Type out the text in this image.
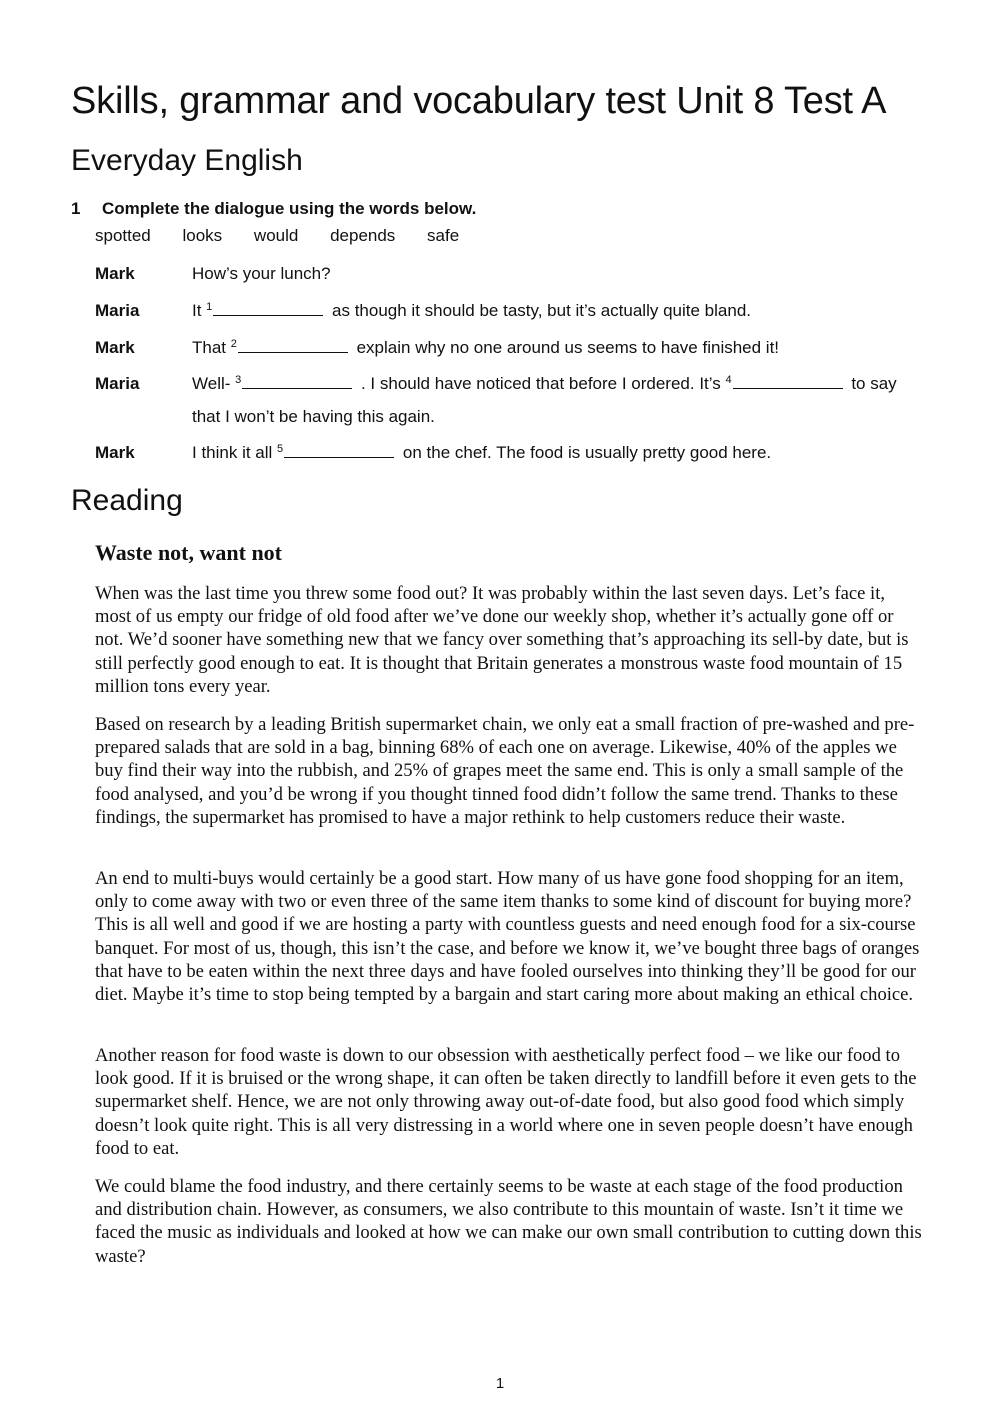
Skills, grammar and vocabulary test Unit 8 Test A
Everyday English
1 Complete the dialogue using the words below.
spotted looks would depends safe
Mark	How’s your lunch?
Maria	It $^1$	as though it should be tasty, but it’s actually quite bland.
Mark	That $^2$	explain why no one around us seems to have finished it!
Maria	Well- $^3$	. I should have noticed that before I ordered. It’s $^4$	to say
that I won’t be having this again.
Mark	I think it all $^5$	on the chef. The food is usually pretty good here.
Reading
Waste not, want not

When was the last time you threw some food out? It was probably within the last seven days. Let’s face it, most of us empty our fridge of old food after we’ve done our weekly shop, whether it’s actually gone off or not. We’d sooner have something new that we fancy over something that’s approaching its sell-by date, but is still perfectly good enough to eat. It is thought that Britain generates a monstrous waste food mountain of 15 million tons every year.

Based on research by a leading British supermarket chain, we only eat a small fraction of pre-washed and pre-prepared salads that are sold in a bag, binning 68% of each one on average. Likewise, 40% of the apples we buy find their way into the rubbish, and 25% of grapes meet the same end. This is only a small sample of the food analysed, and you’d be wrong if you thought tinned food didn’t follow the same trend. Thanks to these findings, the supermarket has promised to have a major rethink to help customers reduce their waste.

An end to multi-buys would certainly be a good start. How many of us have gone food shopping for an item, only to come away with two or even three of the same item thanks to some kind of discount for buying more? This is all well and good if we are hosting a party with countless guests and need enough food for a six-course banquet. For most of us, though, this isn’t the case, and before we know it, we’ve bought three bags of oranges that have to be eaten within the next three days and have fooled ourselves into thinking they’ll be good for our diet. Maybe it’s time to stop being tempted by a bargain and start caring more about making an ethical choice.

Another reason for food waste is down to our obsession with aesthetically perfect food – we like our food to look good. If it is bruised or the wrong shape, it can often be taken directly to landfill before it even gets to the supermarket shelf. Hence, we are not only throwing away out-of-date food, but also good food which simply doesn’t look quite right. This is all very distressing in a world where one in seven people doesn’t have enough food to eat.

We could blame the food industry, and there certainly seems to be waste at each stage of the food production and distribution chain. However, as consumers, we also contribute to this mountain of waste. Isn’t it time we faced the music as individuals and looked at how we can make our own small contribution to cutting down this waste?

1
